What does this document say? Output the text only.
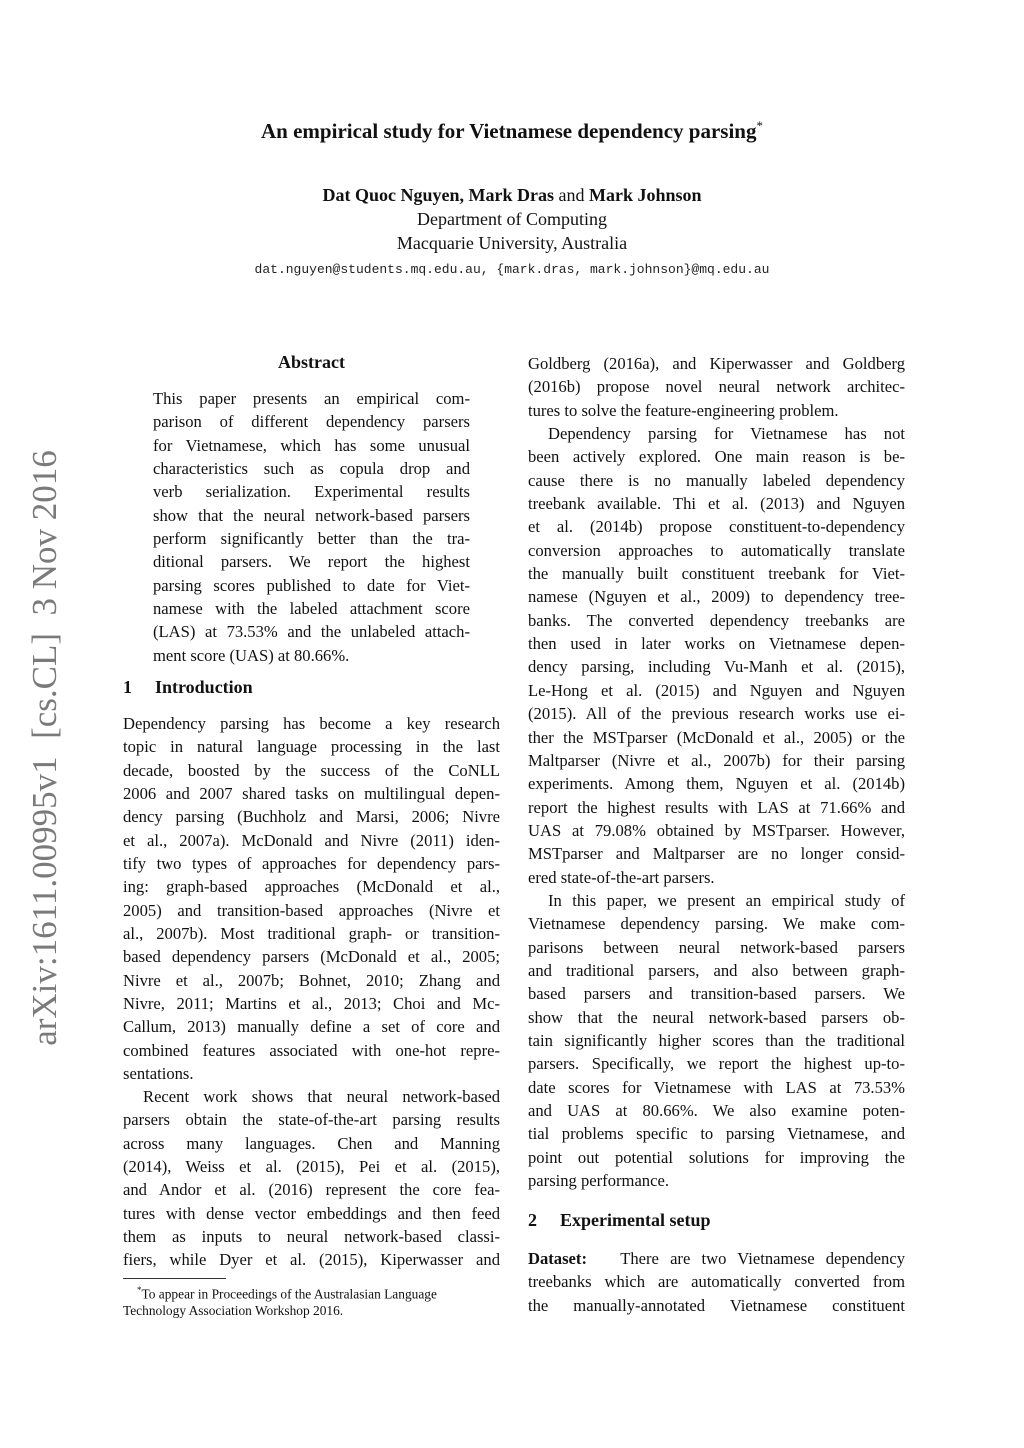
An empirical study for Vietnamese dependency parsing*
Dat Quoc Nguyen, Mark Dras and Mark Johnson
Department of Computing
Macquarie University, Australia
dat.nguyen@students.mq.edu.au, {mark.dras, mark.johnson}@mq.edu.au
arXiv:1611.00995v1  [cs.CL]  3 Nov 2016
Abstract
This paper presents an empirical com-
parison of different dependency parsers
for Vietnamese, which has some unusual
characteristics such as copula drop and
verb serialization. Experimental results
show that the neural network-based parsers
perform significantly better than the tra-
ditional parsers. We report the highest
parsing scores published to date for Viet-
namese with the labeled attachment score
(LAS) at 73.53% and the unlabeled attach-
ment score (UAS) at 80.66%.
1 Introduction
Dependency parsing has become a key research
topic in natural language processing in the last
decade, boosted by the success of the CoNLL
2006 and 2007 shared tasks on multilingual depen-
dency parsing (Buchholz and Marsi, 2006; Nivre
et al., 2007a). McDonald and Nivre (2011) iden-
tify two types of approaches for dependency pars-
ing: graph-based approaches (McDonald et al.,
2005) and transition-based approaches (Nivre et
al., 2007b). Most traditional graph- or transition-
based dependency parsers (McDonald et al., 2005;
Nivre et al., 2007b; Bohnet, 2010; Zhang and
Nivre, 2011; Martins et al., 2013; Choi and Mc-
Callum, 2013) manually define a set of core and
combined features associated with one-hot repre-
sentations.
Recent work shows that neural network-based
parsers obtain the state-of-the-art parsing results
across many languages. Chen and Manning
(2014), Weiss et al. (2015), Pei et al. (2015),
and Andor et al. (2016) represent the core fea-
tures with dense vector embeddings and then feed
them as inputs to neural network-based classi-
fiers, while Dyer et al. (2015), Kiperwasser and
*To appear in Proceedings of the Australasian Language
Technology Association Workshop 2016.
Goldberg (2016a), and Kiperwasser and Goldberg
(2016b) propose novel neural network architec-
tures to solve the feature-engineering problem.
Dependency parsing for Vietnamese has not
been actively explored. One main reason is be-
cause there is no manually labeled dependency
treebank available. Thi et al. (2013) and Nguyen
et al. (2014b) propose constituent-to-dependency
conversion approaches to automatically translate
the manually built constituent treebank for Viet-
namese (Nguyen et al., 2009) to dependency tree-
banks. The converted dependency treebanks are
then used in later works on Vietnamese depen-
dency parsing, including Vu-Manh et al. (2015),
Le-Hong et al. (2015) and Nguyen and Nguyen
(2015). All of the previous research works use ei-
ther the MSTparser (McDonald et al., 2005) or the
Maltparser (Nivre et al., 2007b) for their parsing
experiments. Among them, Nguyen et al. (2014b)
report the highest results with LAS at 71.66% and
UAS at 79.08% obtained by MSTparser. However,
MSTparser and Maltparser are no longer consid-
ered state-of-the-art parsers.
In this paper, we present an empirical study of
Vietnamese dependency parsing. We make com-
parisons between neural network-based parsers
and traditional parsers, and also between graph-
based parsers and transition-based parsers. We
show that the neural network-based parsers ob-
tain significantly higher scores than the traditional
parsers. Specifically, we report the highest up-to-
date scores for Vietnamese with LAS at 73.53%
and UAS at 80.66%. We also examine poten-
tial problems specific to parsing Vietnamese, and
point out potential solutions for improving the
parsing performance.
2 Experimental setup
Dataset: There are two Vietnamese dependency
treebanks which are automatically converted from
the manually-annotated Vietnamese constituent
